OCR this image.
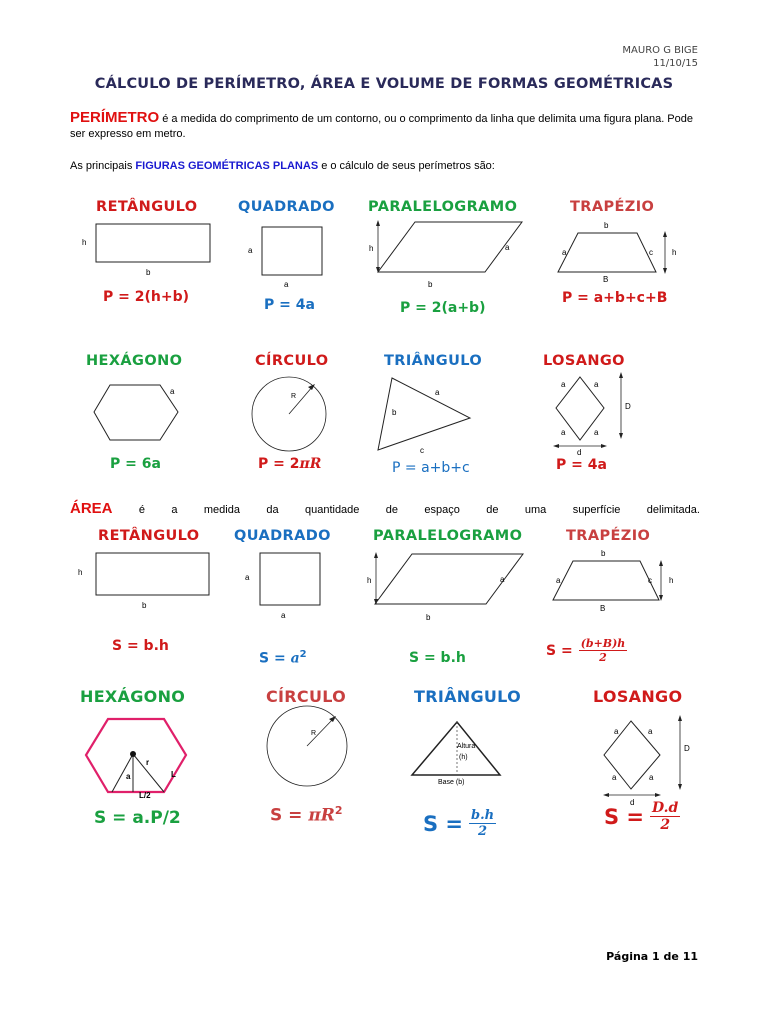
MAURO G BIGE
11/10/15
CÁLCULO DE PERÍMETRO, ÁREA E VOLUME DE FORMAS GEOMÉTRICAS
PERÍMETRO é a medida do comprimento de um contorno, ou o comprimento da linha que delimita uma figura plana. Pode ser expresso em metro.
As principais FIGURAS GEOMÉTRICAS PLANAS e o cálculo de seus perímetros são:
RETÂNGULO
h
b
QUADRADO
a
a
PARALELOGRAMO
h	a
b
TRAPÉZIO
b
a	c h
B
P = 2(h+b)	P = 4a	P = 2(a+b)
P = a+b+c+B
HEXÁGONO
a
CÍRCULO
R
TRIÂNGULO
a
b
c
LOSANGO
a	a
a	a
D
d
P = 6a	P = 2πR	P = a+b+c	P = 4a
ÁREA é a medida da quantidade de espaço de uma superfície delimitada.
RETÂNGULO
h
b
QUADRADO
a
a
PARALELOGRAMO
h	a
b
TRAPÉZIO
b
a	c h
B
S = b.h
$S = a^2$	S = b.h	$S = \frac{(b+B)h}{2}$
HEXÁGONO
r
a	L
L/2
CÍRCULO
R
TRIÂNGULO
Altura
(h)
Base (b)
LOSANGO
a	a
a	a
D
d
S = a.P/2	$S = \pi R^2$
$S = \frac{b.h}{2}$	$S = \frac{D.d}{2}$
Página 1 de 11
